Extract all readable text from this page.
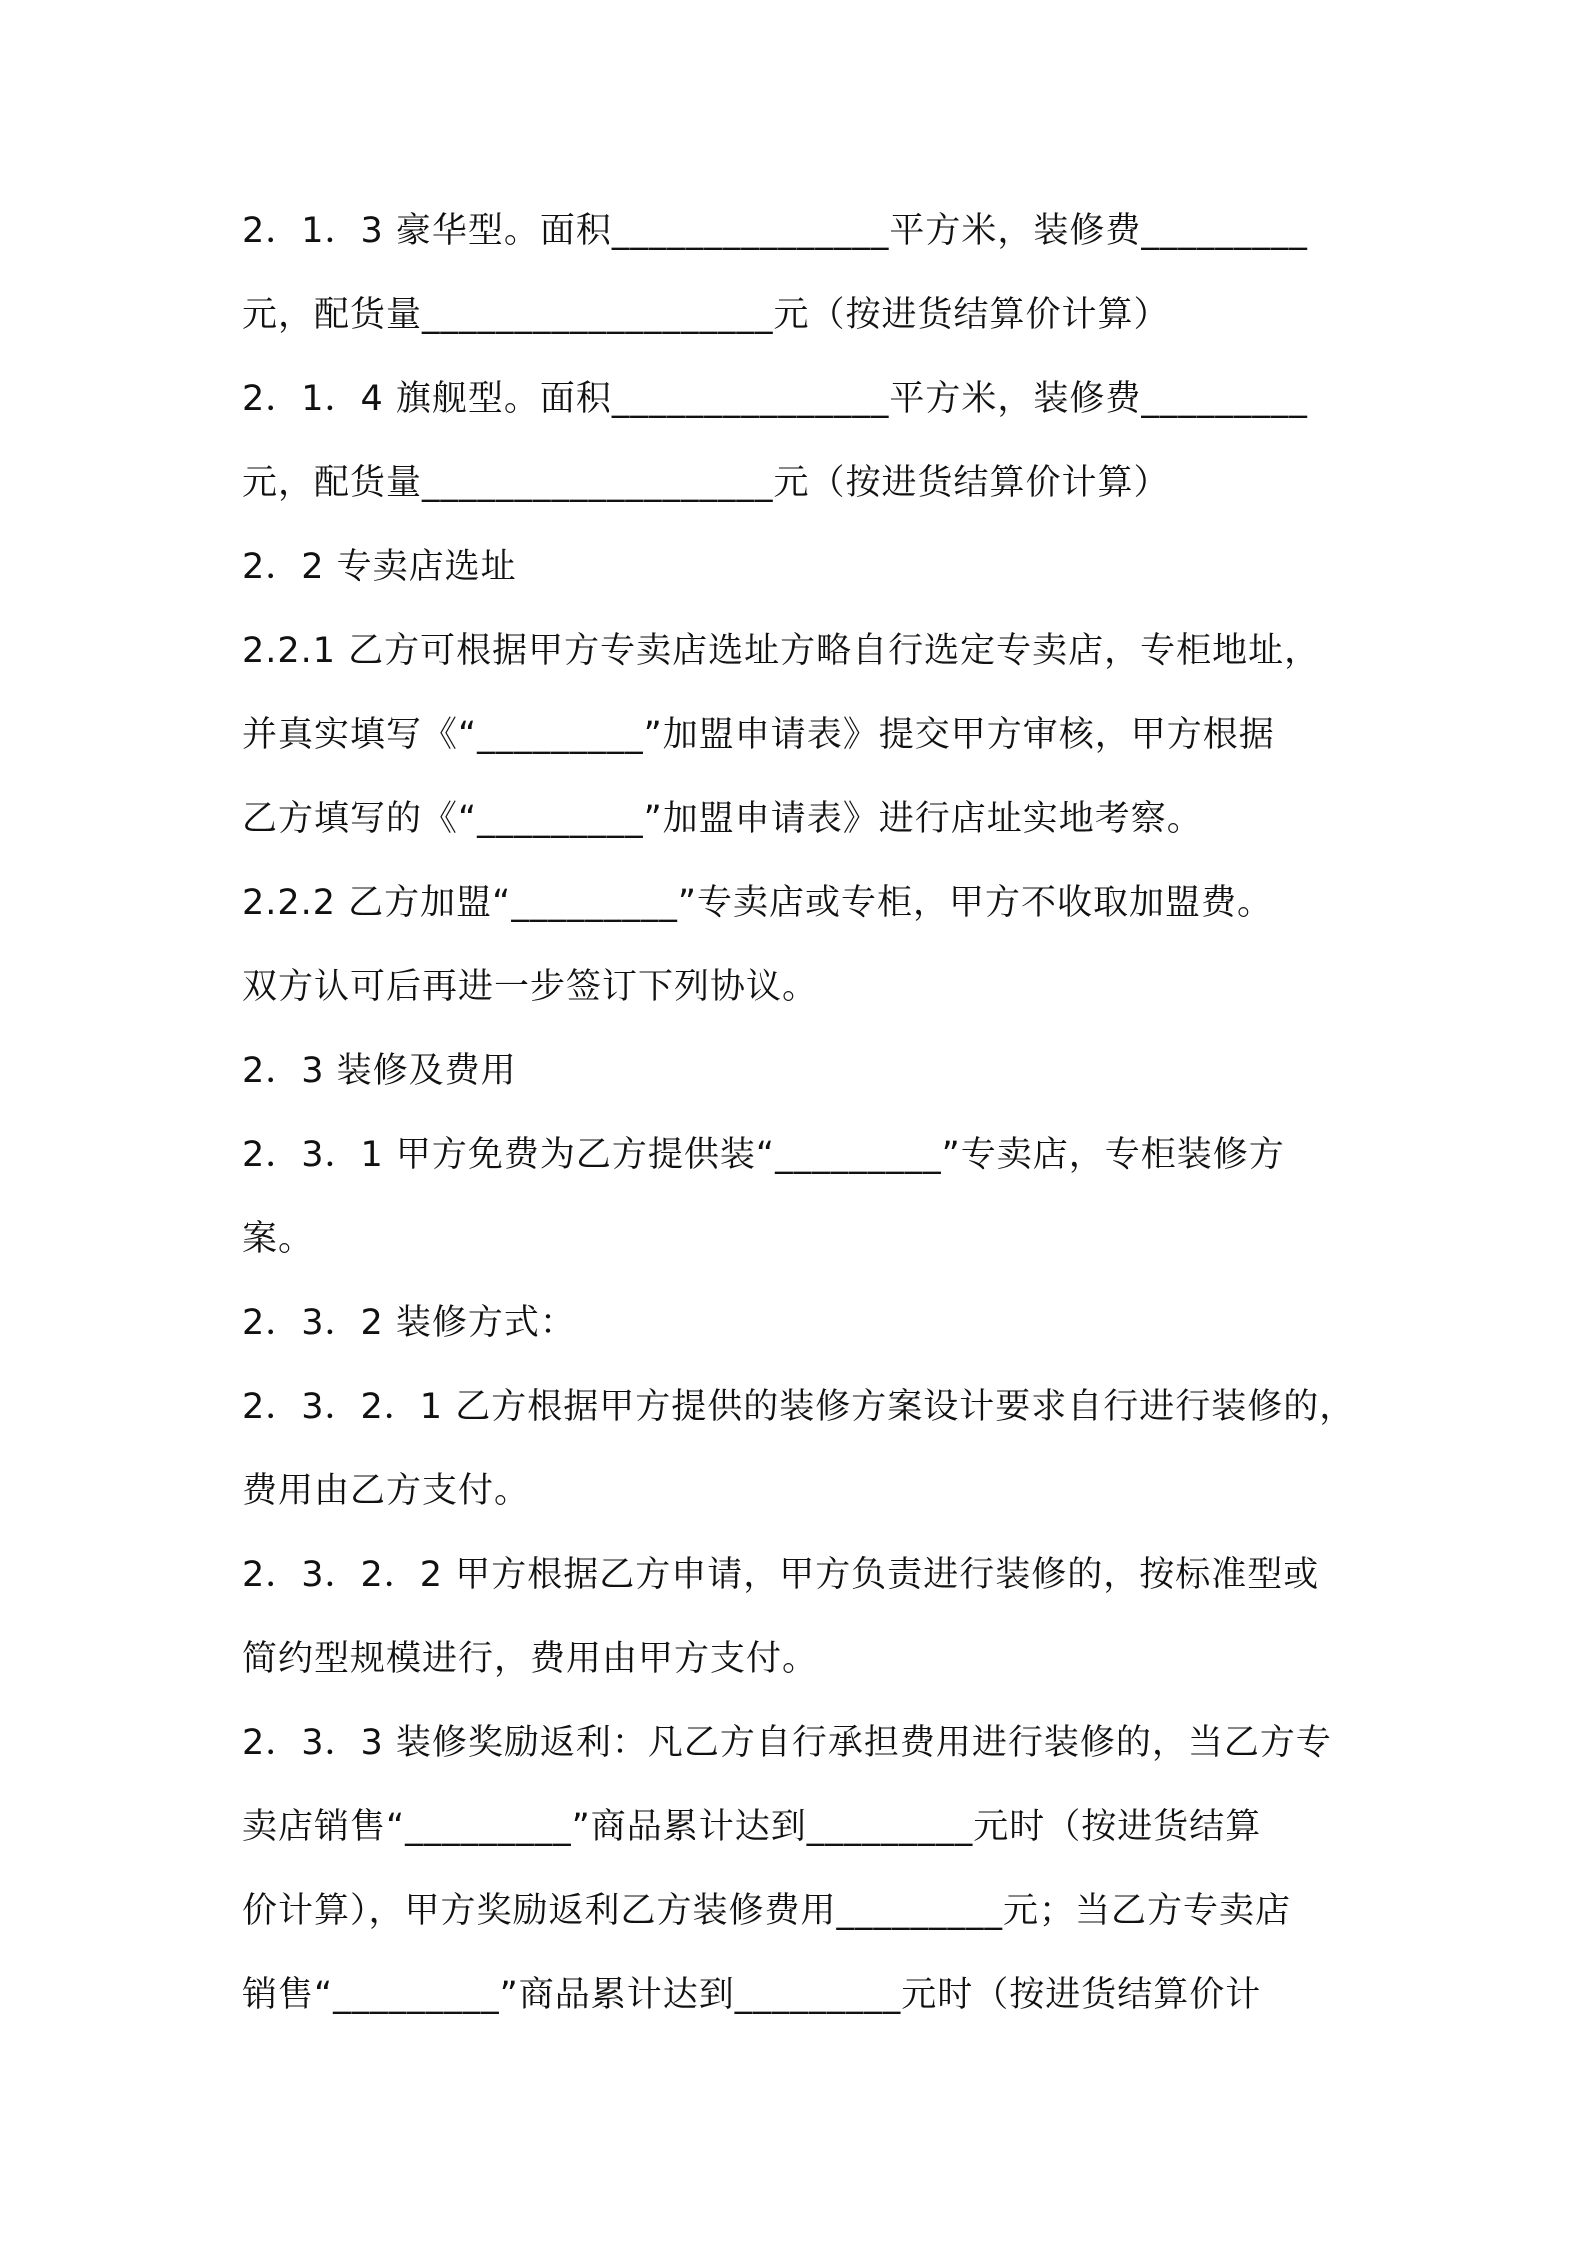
2．1．3 豪华型。面积_______________平方米，装修费_________
元，配货量___________________元（按进货结算价计算）
2．1．4 旗舰型。面积_______________平方米，装修费_________
元，配货量___________________元（按进货结算价计算）
2．2 专卖店选址
2.2.1 乙方可根据甲方专卖店选址方略自行选定专卖店，专柜地址，
并真实填写《“_________”加盟申请表》提交甲方审核，甲方根据
乙方填写的《“_________”加盟申请表》进行店址实地考察。
2.2.2 乙方加盟“_________”专卖店或专柜，甲方不收取加盟费。
双方认可后再进一步签订下列协议。
2．3 装修及费用
2．3．1 甲方免费为乙方提供装“_________”专卖店，专柜装修方
案。
2．3．2 装修方式：
2．3．2．1 乙方根据甲方提供的装修方案设计要求自行进行装修的，
费用由乙方支付。
2．3．2．2 甲方根据乙方申请，甲方负责进行装修的，按标准型或
简约型规模进行，费用由甲方支付。
2．3．3 装修奖励返利：凡乙方自行承担费用进行装修的，当乙方专
卖店销售“_________”商品累计达到_________元时（按进货结算
价计算），甲方奖励返利乙方装修费用_________元；当乙方专卖店
销售“_________”商品累计达到_________元时（按进货结算价计
